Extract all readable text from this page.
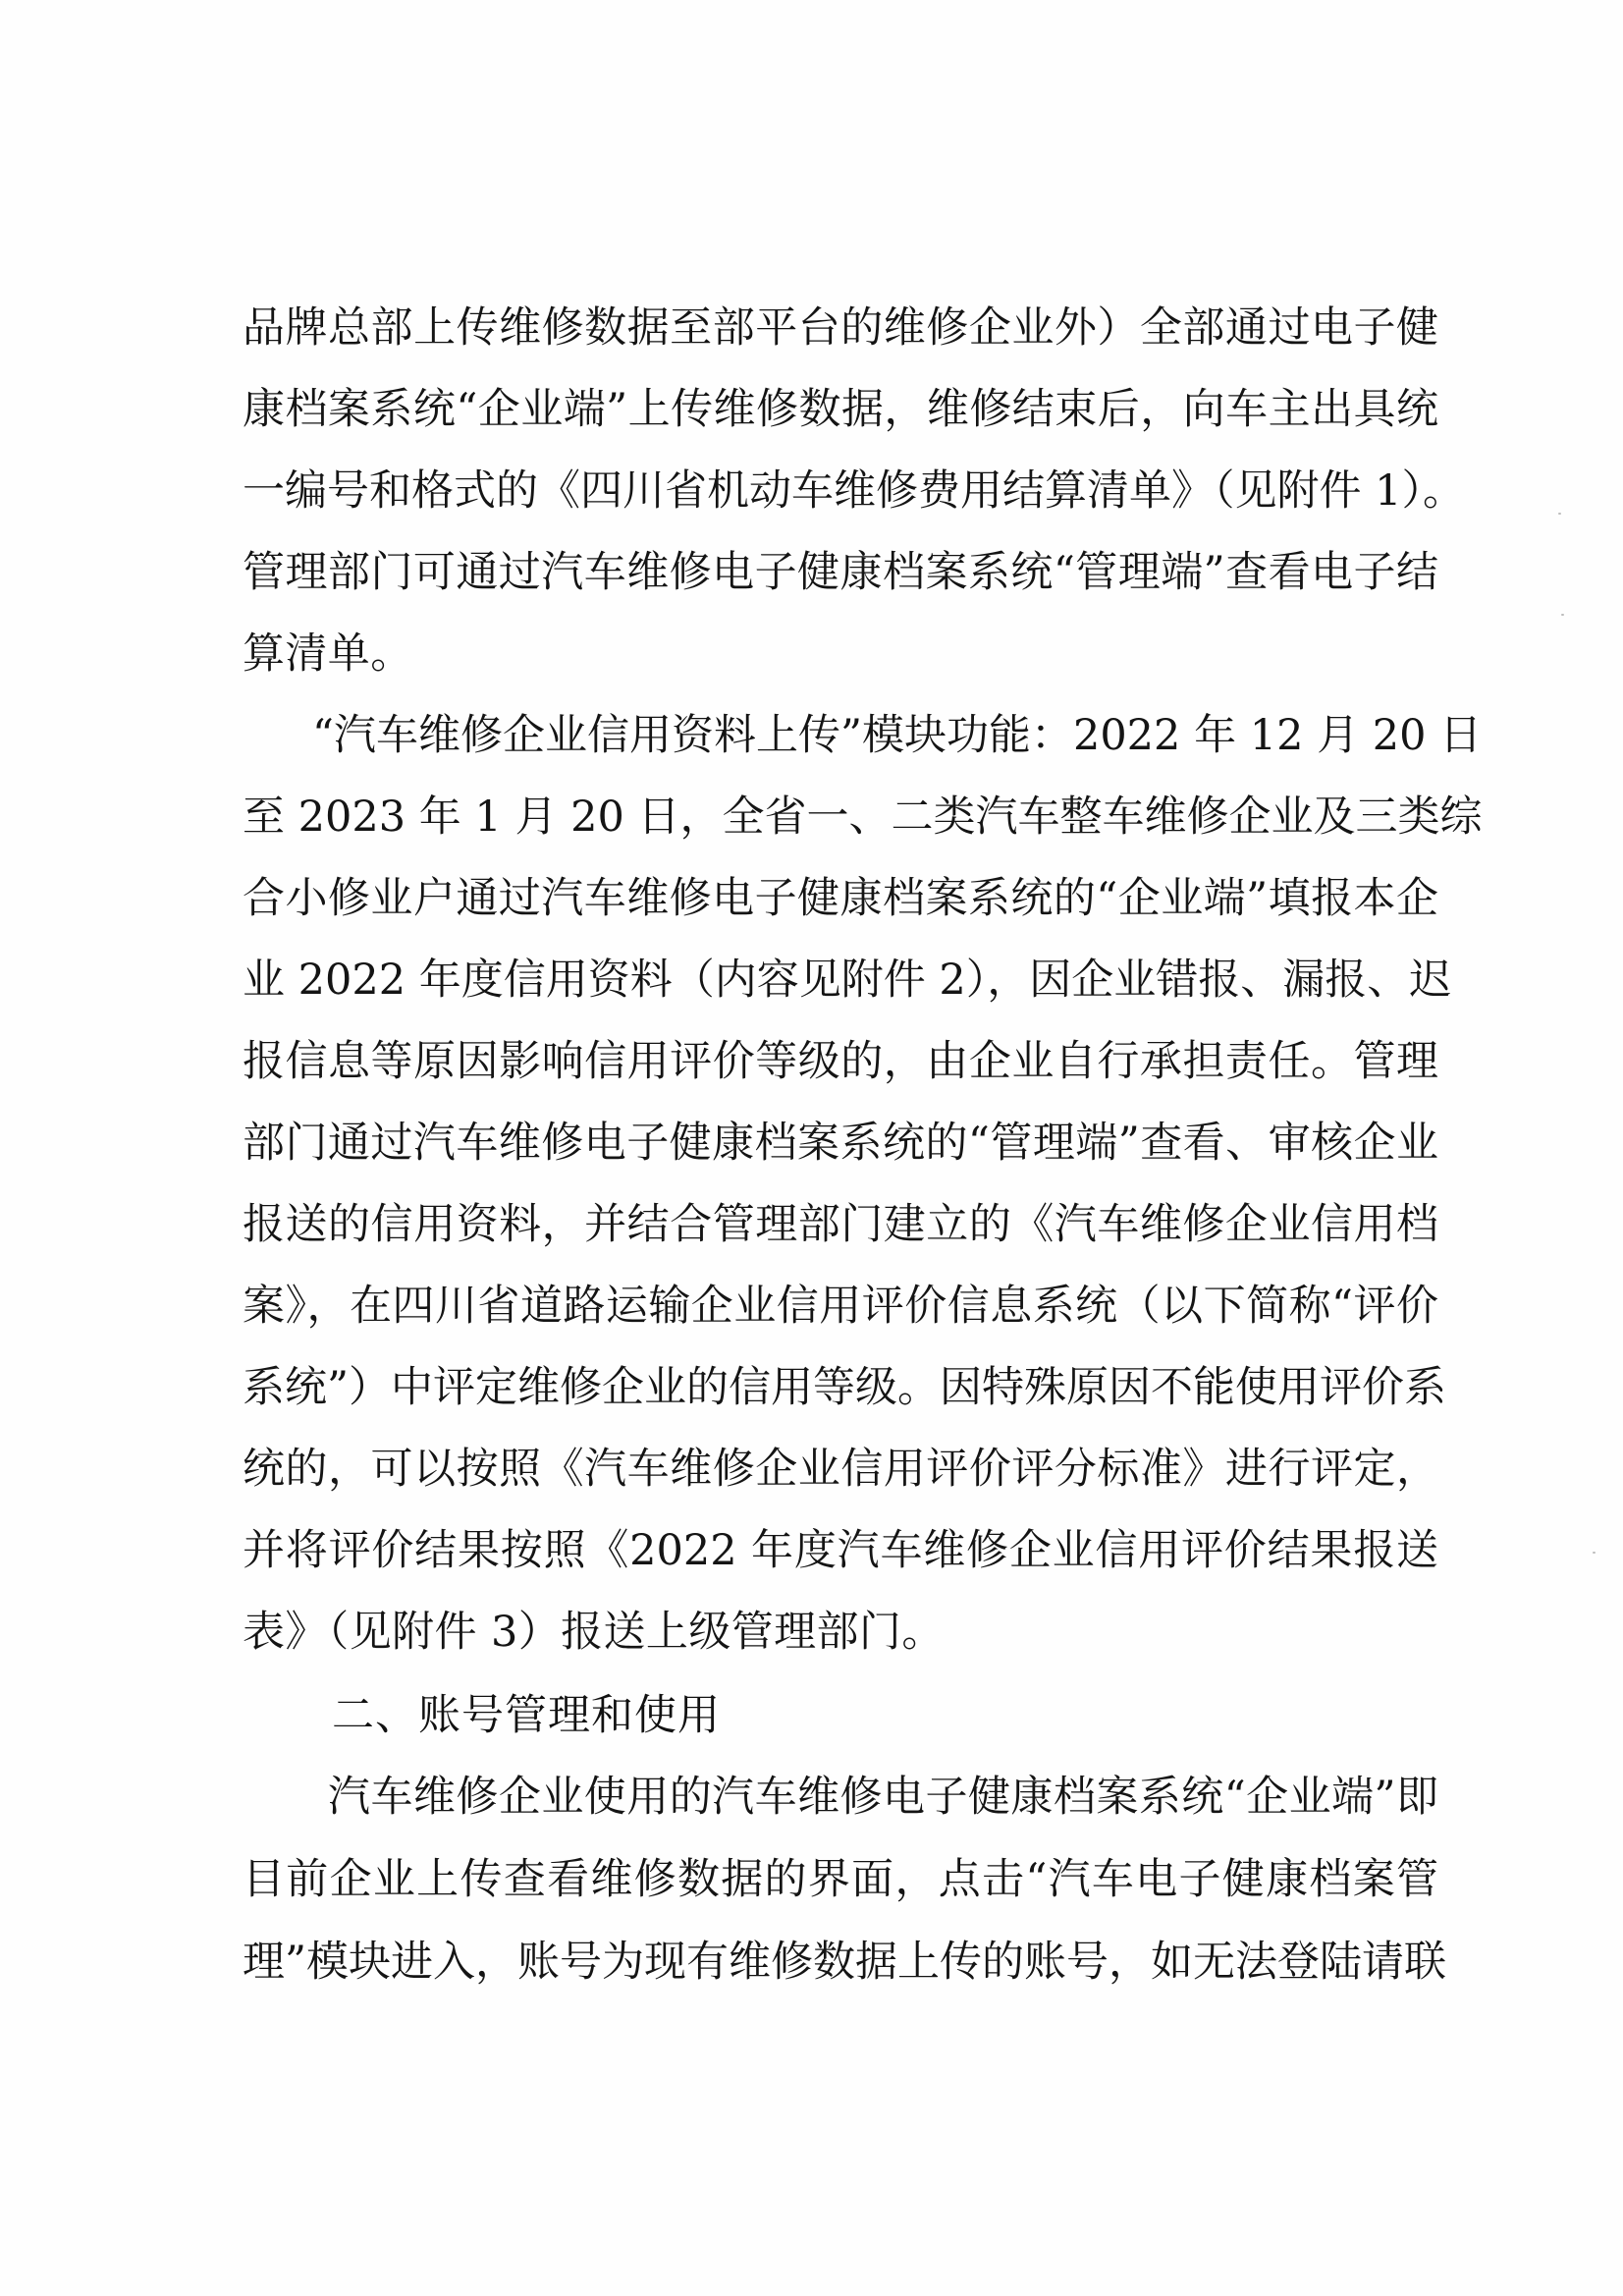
品牌总部上传维修数据至部平台的维修企业外）全部通过电子健
康档案系统“企业端”上传维修数据，维修结束后，向车主出具统
一编号和格式的《四川省机动车维修费用结算清单》（见附件 1）。
管理部门可通过汽车维修电子健康档案系统“管理端”查看电子结
算清单。
“汽车维修企业信用资料上传”模块功能：2022 年 12 月 20 日
至 2023 年 1 月 20 日，全省一、二类汽车整车维修企业及三类综
合小修业户通过汽车维修电子健康档案系统的“企业端”填报本企
业 2022 年度信用资料（内容见附件 2），因企业错报、漏报、迟
报信息等原因影响信用评价等级的，由企业自行承担责任。管理
部门通过汽车维修电子健康档案系统的“管理端”查看、审核企业
报送的信用资料，并结合管理部门建立的《汽车维修企业信用档
案》，在四川省道路运输企业信用评价信息系统（以下简称“评价
系统”）中评定维修企业的信用等级。因特殊原因不能使用评价系
统的，可以按照《汽车维修企业信用评价评分标准》进行评定，
并将评价结果按照《2022 年度汽车维修企业信用评价结果报送
表》（见附件 3）报送上级管理部门。
二、账号管理和使用
汽车维修企业使用的汽车维修电子健康档案系统“企业端”即
目前企业上传查看维修数据的界面，点击“汽车电子健康档案管
理”模块进入，账号为现有维修数据上传的账号，如无法登陆请联
